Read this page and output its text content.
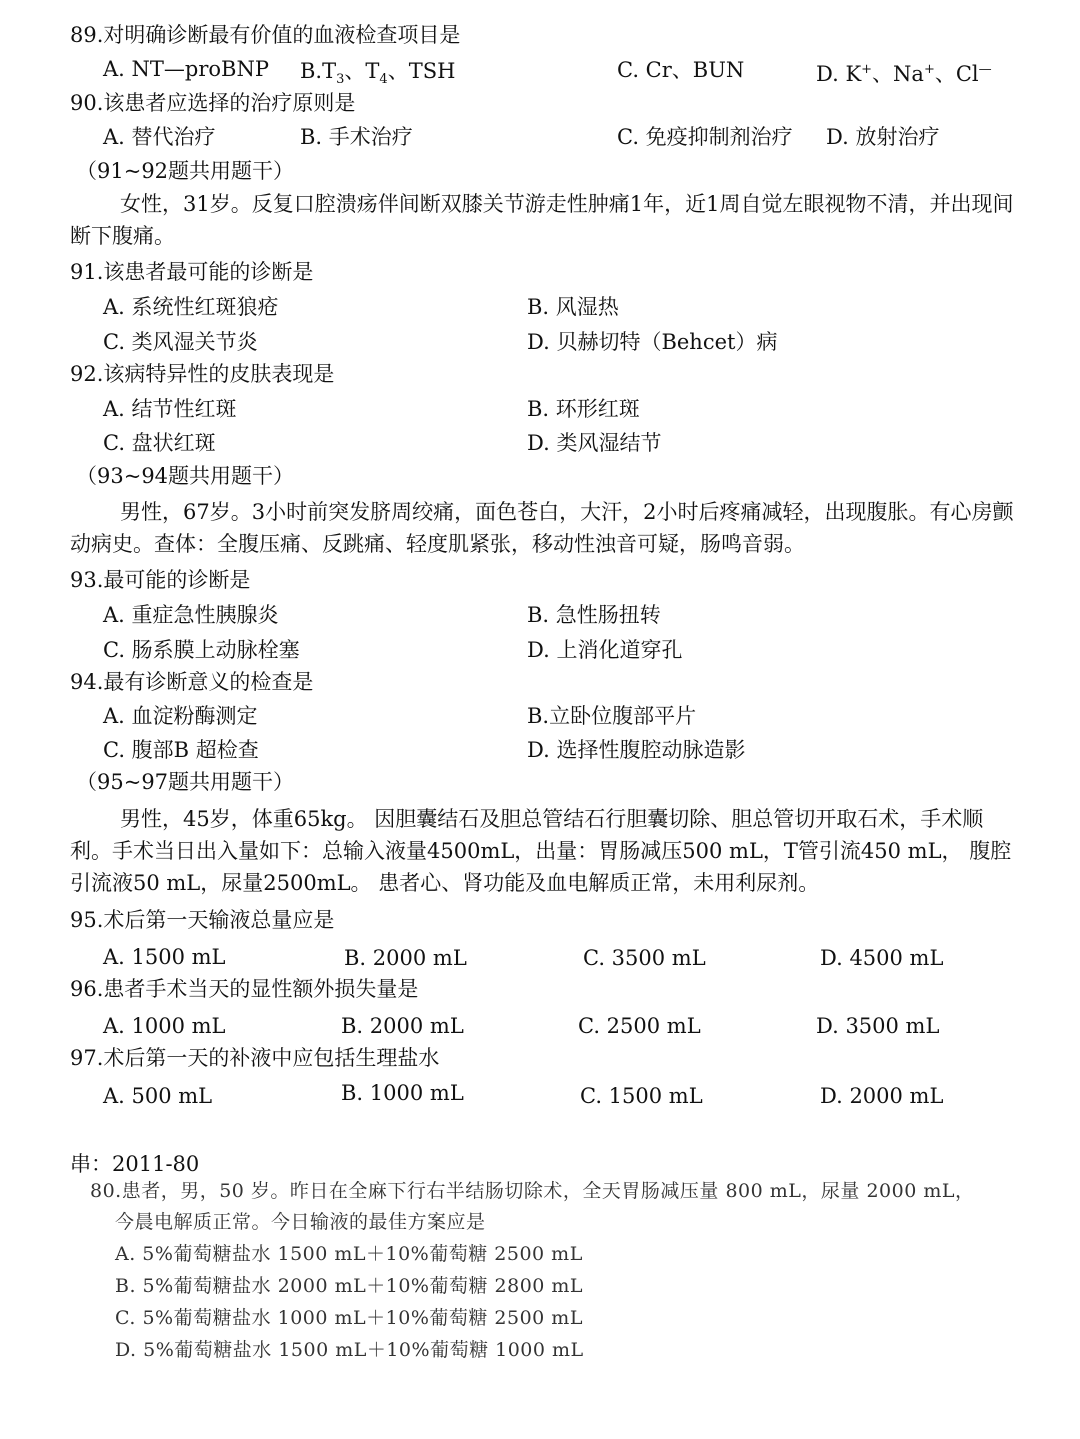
89.对明确诊断最有价值的血液检查项目是
A. NT—proBNP $B.T_3$、$T_4$、TSH	C. Cr、BUN	D. K+、Na+、Cl—
90.该患者应选择的治疗原则是
A. 替代治疗	B. 手术治疗	C. 免疫抑制剂治疗 D. 放射治疗
（91~92题共用题干）
女性，31岁。反复口腔溃疡伴间断双膝关节游走性肿痛1年，近1周自觉左眼视物不清，并出现间断下腹痛。
91.该患者最可能的诊断是
A. 系统性红斑狼疮	B. 风湿热
C. 类风湿关节炎	D. 贝赫切特（Behcet）病
92.该病特异性的皮肤表现是
A. 结节性红斑	B. 环形红斑
C. 盘状红斑	D. 类风湿结节
（93~94题共用题干）
男性，67岁。3小时前突发脐周绞痛，面色苍白，大汗，2小时后疼痛减轻，出现腹胀。有心房颤动病史。查体：全腹压痛、反跳痛、轻度肌紧张，移动性浊音可疑，肠鸣音弱。
93.最可能的诊断是
A. 重症急性胰腺炎	B. 急性肠扭转
C. 肠系膜上动脉栓塞	D. 上消化道穿孔
94.最有诊断意义的检查是
A. 血淀粉酶测定	B.立卧位腹部平片
C. 腹部B 超检查	D. 选择性腹腔动脉造影
（95~97题共用题干）
男性，45岁，体重65kg。 因胆囊结石及胆总管结石行胆囊切除、胆总管切开取石术，手术顺利。手术当日出入量如下：总输入液量4500mL，出量：胃肠减压500 mL，T管引流450 mL， 腹腔引流液50 mL，尿量2500mL。 患者心、肾功能及血电解质正常，未用利尿剂。
95.术后第一天输液总量应是
A. 1500 mL	B. 2000 mL	C. 3500 mL	D. 4500 mL
96.患者手术当天的显性额外损失量是
A. 1000 mL	B. 2000 mL	C. 2500 mL	D. 3500 mL
97.术后第一天的补液中应包括生理盐水
A. 500 mL	B. 1000 mL	C. 1500 mL	D. 2000 mL
串：2011-80
80.患者，男，50 岁。昨日在全麻下行右半结肠切除术，全天胃肠减压量 800 mL，尿量 2000 mL，
今晨电解质正常。今日输液的最佳方案应是
A. 5%葡萄糖盐水 1500 mL＋10%葡萄糖 2500 mL
B. 5%葡萄糖盐水 2000 mL＋10%葡萄糖 2800 mL
C. 5%葡萄糖盐水 1000 mL＋10%葡萄糖 2500 mL
D. 5%葡萄糖盐水 1500 mL＋10%葡萄糖 1000 mL
